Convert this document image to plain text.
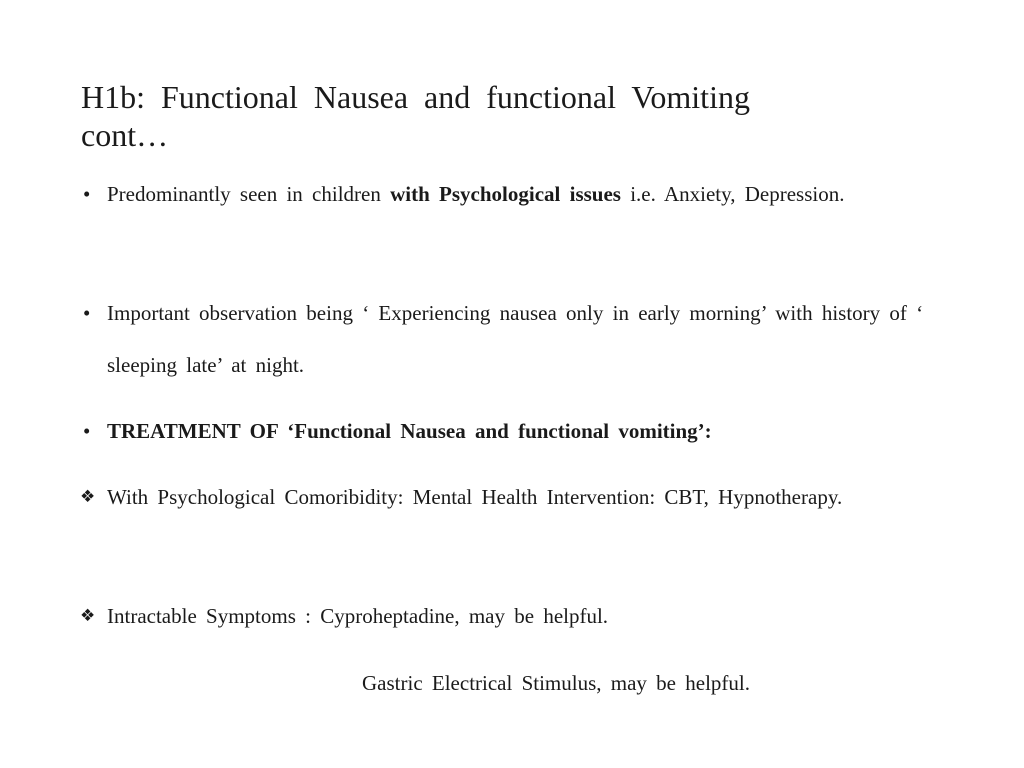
H1b: Functional Nausea and functional Vomiting cont…
• Predominantly seen in children with Psychological issues i.e. Anxiety, Depression.
• Important observation being ‘ Experiencing nausea only in early morning’ with history of ‘ sleeping late’ at night.
• TREATMENT OF ‘Functional Nausea and functional vomiting’:
❖ With Psychological Comoribidity: Mental Health Intervention: CBT, Hypnotherapy.
❖ Intractable Symptoms : Cyproheptadine, may be helpful.
Gastric Electrical Stimulus, may be helpful.
